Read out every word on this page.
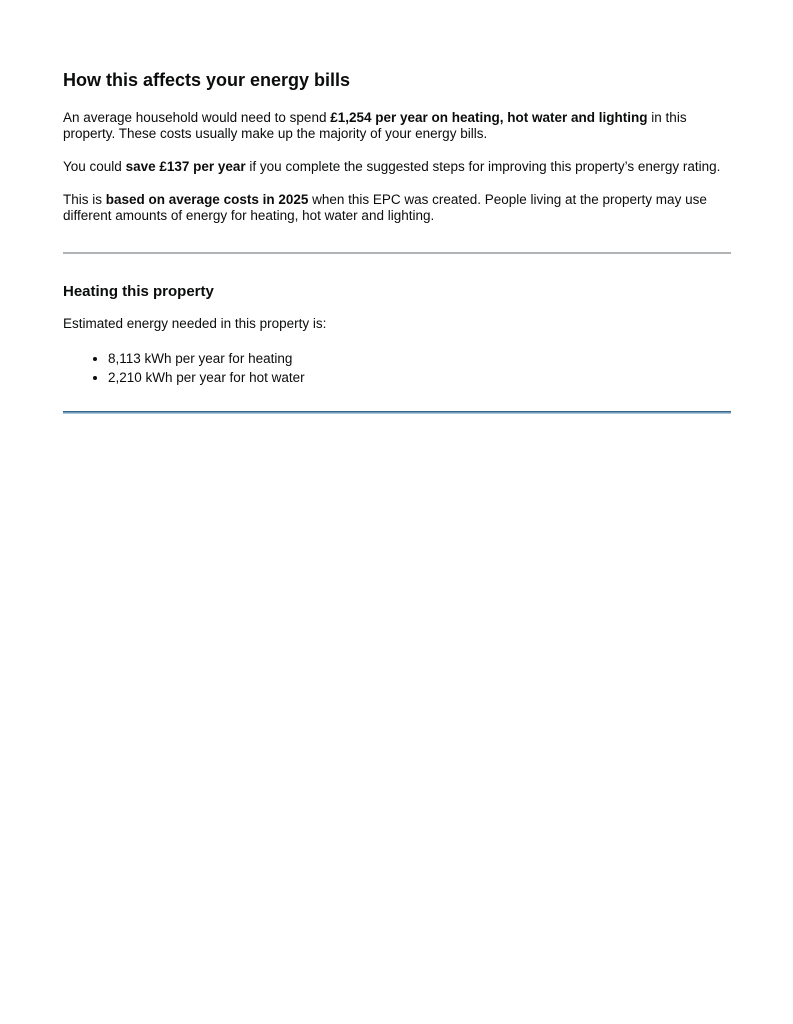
How this affects your energy bills

An average household would need to spend £1,254 per year on heating, hot water and lighting in this property. These costs usually make up the majority of your energy bills.

You could save £137 per year if you complete the suggested steps for improving this property’s energy rating.

This is based on average costs in 2025 when this EPC was created. People living at the property may use different amounts of energy for heating, hot water and lighting.

Heating this property

Estimated energy needed in this property is:

• 8,113 kWh per year for heating
• 2,210 kWh per year for hot water
